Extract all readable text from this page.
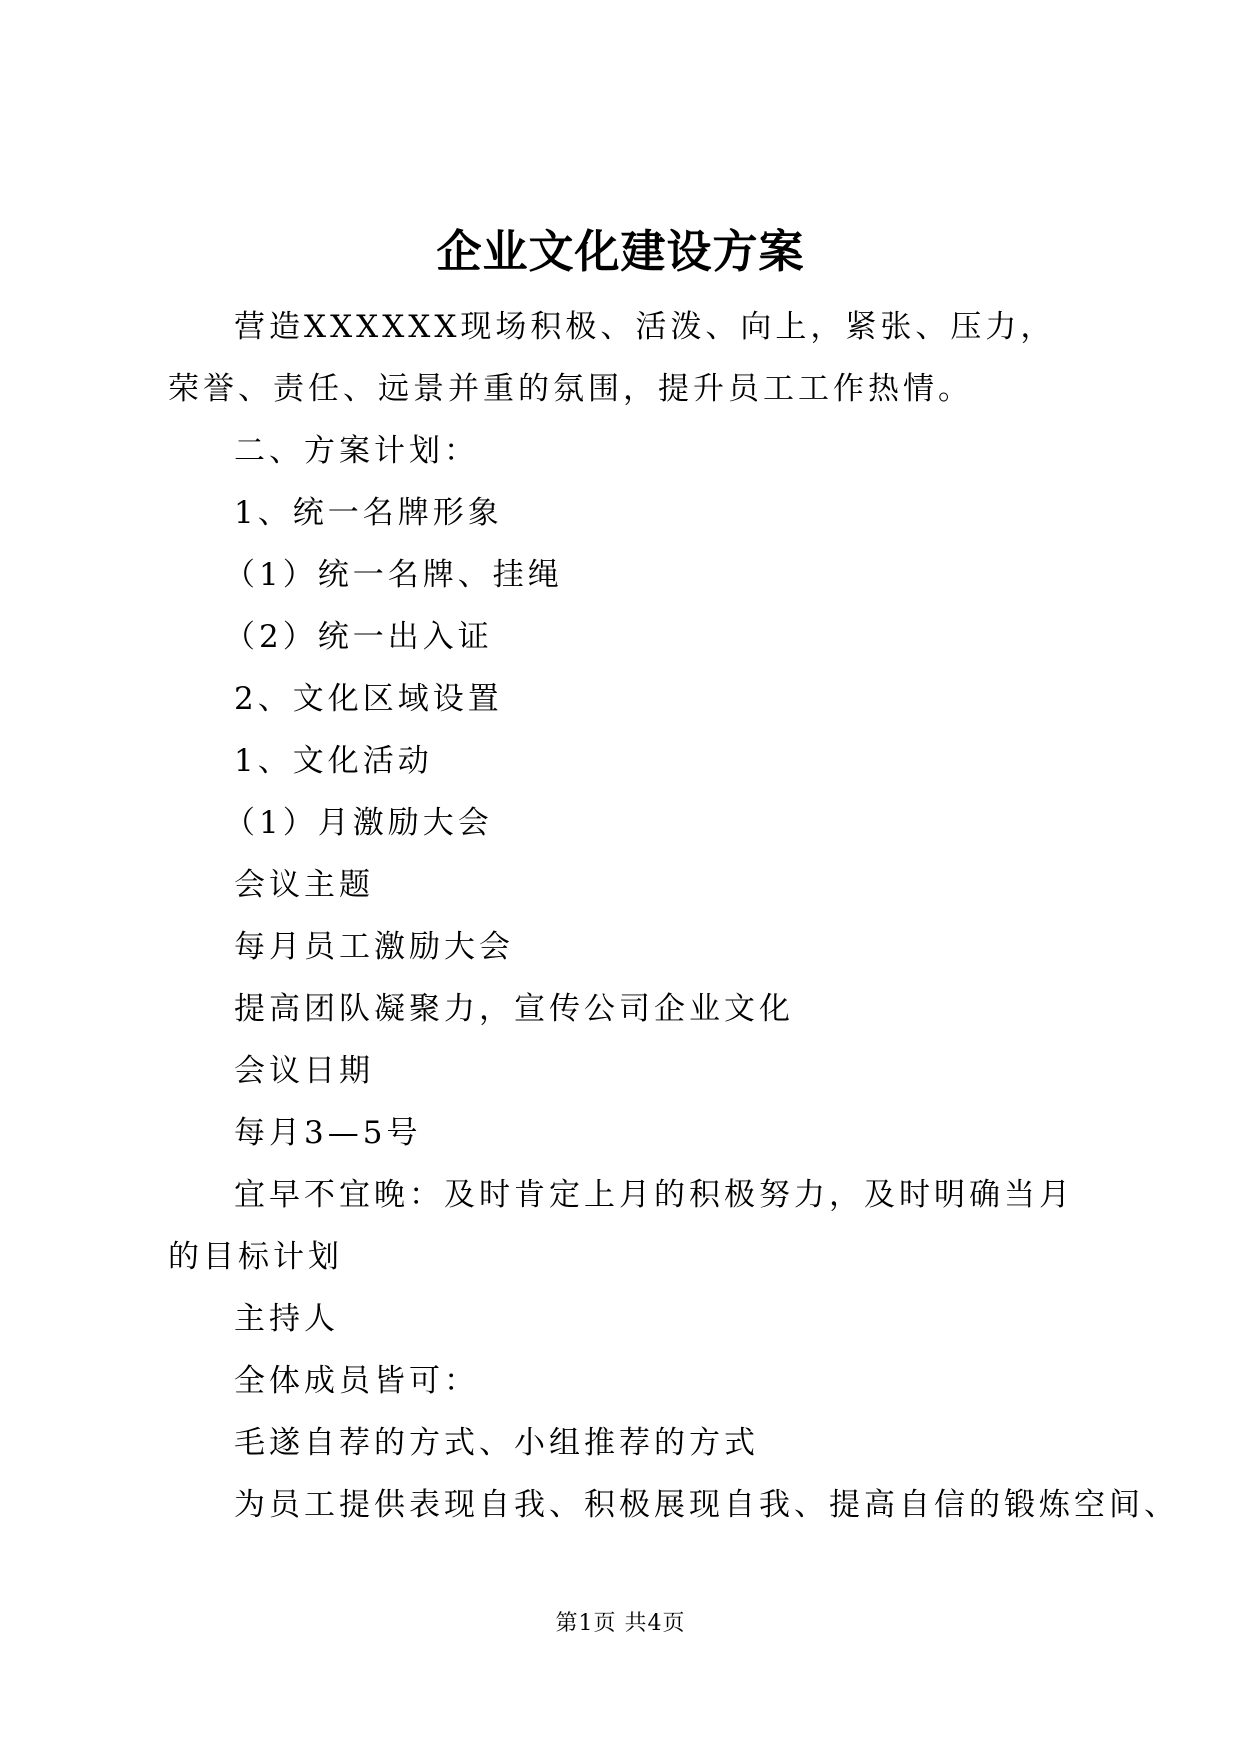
企业文化建设方案

营造XXXXXX现场积极、活泼、向上，紧张、压力，荣誉、责任、远景并重的氛围，提升员工工作热情。

二、方案计划：

1、统一名牌形象

（1）统一名牌、挂绳

（2）统一出入证

2、文化区域设置

1、文化活动

（1）月激励大会

会议主题

每月员工激励大会

提高团队凝聚力，宣传公司企业文化

会议日期

每月3—5号

宜早不宜晚：及时肯定上月的积极努力，及时明确当月的目标计划

主持人

全体成员皆可：

毛遂自荐的方式、小组推荐的方式

为员工提供表现自我、积极展现自我、提高自信的锻炼空间、

第1页 共4页
